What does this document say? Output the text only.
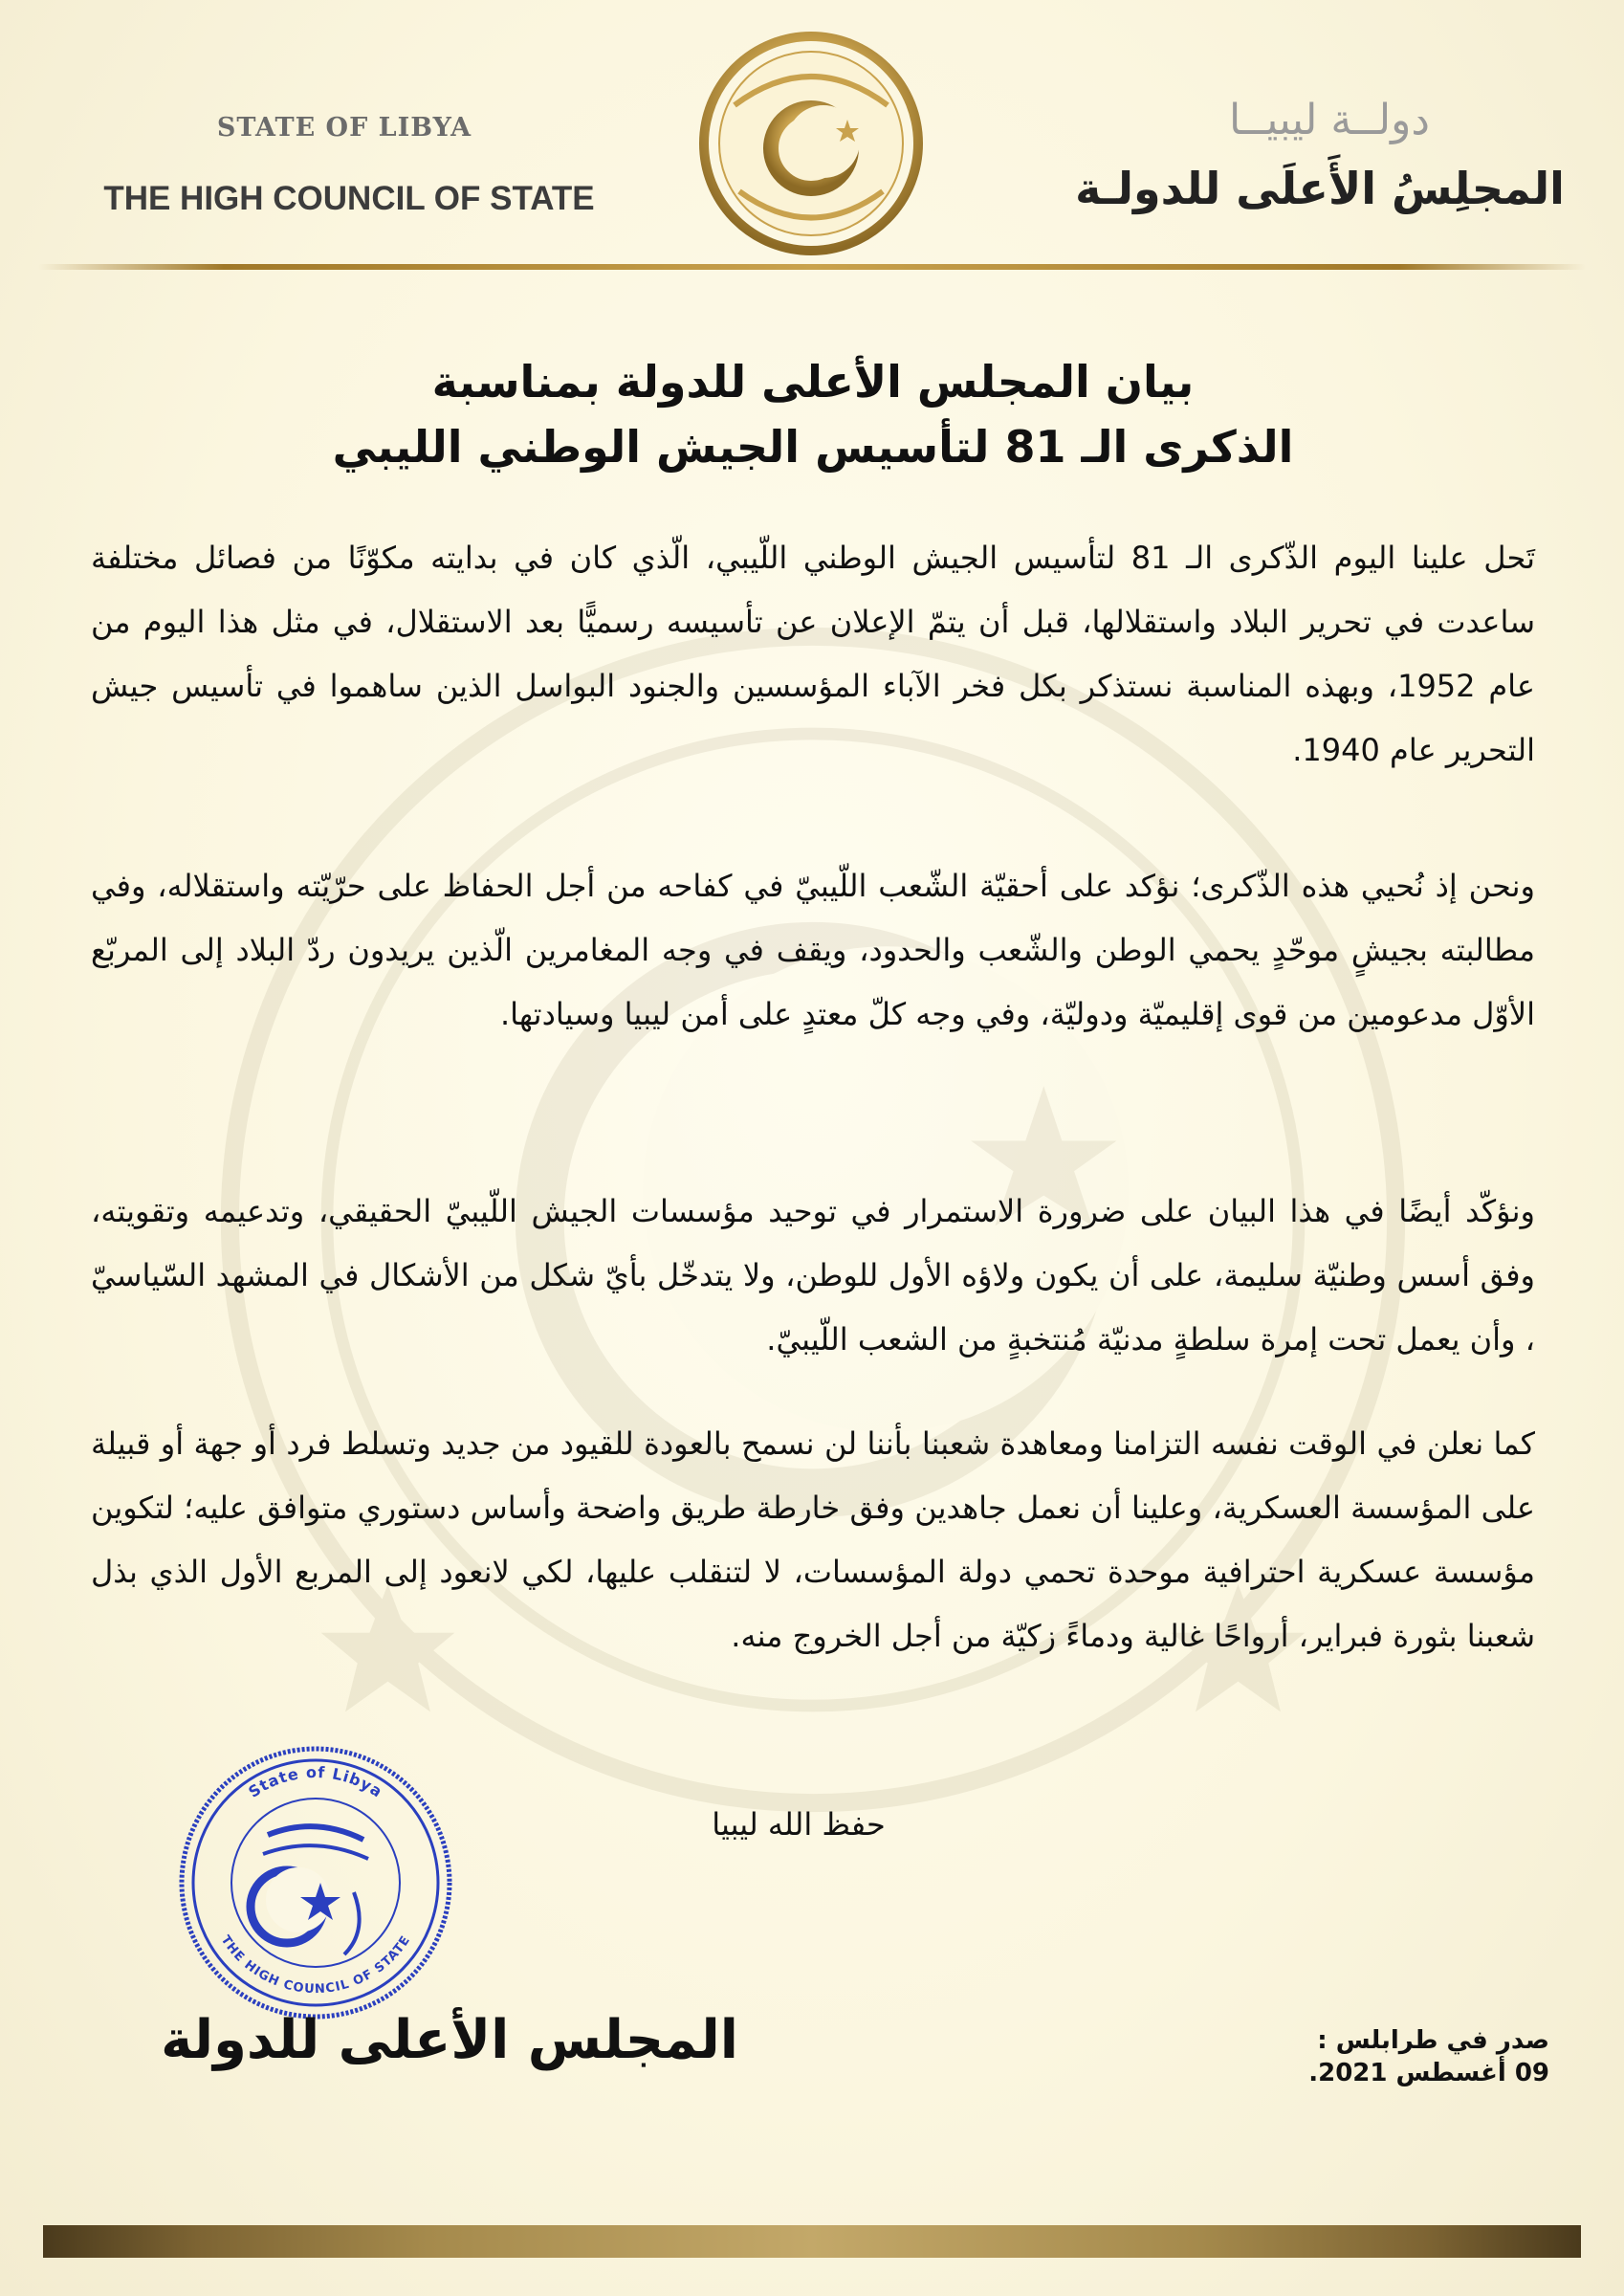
STATE OF LIBYA
THE HIGH COUNCIL OF STATE
دولــة ليبيــا
المجلِسُ الأَعلَى للدولـة
بيان المجلس الأعلى للدولة بمناسبة
الذكرى الـ 81 لتأسيس الجيش الوطني الليبي
تَحل علينا اليوم الذّكرى الـ 81 لتأسيس الجيش الوطني اللّيبي، الّذي كان في بدايته مكوّنًا من فصائل مختلفة ساعدت في تحرير البلاد واستقلالها، قبل أن يتمّ الإعلان عن تأسيسه رسميًّا بعد الاستقلال، في مثل هذا اليوم من عام 1952، وبهذه المناسبة نستذكر بكل فخر الآباء المؤسسين والجنود البواسل الذين ساهموا في تأسيس جيش التحرير عام 1940.
ونحن إذ نُحيي هذه الذّكرى؛ نؤكد على أحقيّة الشّعب اللّيبيّ في كفاحه من أجل الحفاظ على حرّيّته واستقلاله، وفي مطالبته بجيشٍ موحّدٍ يحمي الوطن والشّعب والحدود، ويقف في وجه المغامرين الّذين يريدون ردّ البلاد إلى المربّع الأوّل مدعومين من قوى إقليميّة ودوليّة، وفي وجه كلّ معتدٍ على أمن ليبيا وسيادتها.
ونؤكّد أيضًا في هذا البيان على ضرورة الاستمرار في توحيد مؤسسات الجيش اللّيبيّ الحقيقي، وتدعيمه وتقويته، وفق أسس وطنيّة سليمة، على أن يكون ولاؤه الأول للوطن، ولا يتدخّل بأيّ شكل من الأشكال في المشهد السّياسيّ ، وأن يعمل تحت إمرة سلطةٍ مدنيّة مُنتخبةٍ من الشعب اللّيبيّ.
كما نعلن في الوقت نفسه التزامنا ومعاهدة شعبنا بأننا لن نسمح بالعودة للقيود من جديد وتسلط فرد أو جهة أو قبيلة على المؤسسة العسكرية، وعلينا أن نعمل جاهدين وفق خارطة طريق واضحة وأساس دستوري متوافق عليه؛ لتكوين مؤسسة عسكرية احترافية موحدة تحمي دولة المؤسسات، لا لتنقلب عليها، لكي لانعود إلى المربع الأول الذي بذل شعبنا بثورة فبراير، أرواحًا غالية ودماءً زكيّة من أجل الخروج منه.
حفظ الله ليبيا
State of Libya
THE HIGH COUNCIL OF STATE
المجلس الأعلى للدولة	صدر في طرابلس :
09 أغسطس 2021.
